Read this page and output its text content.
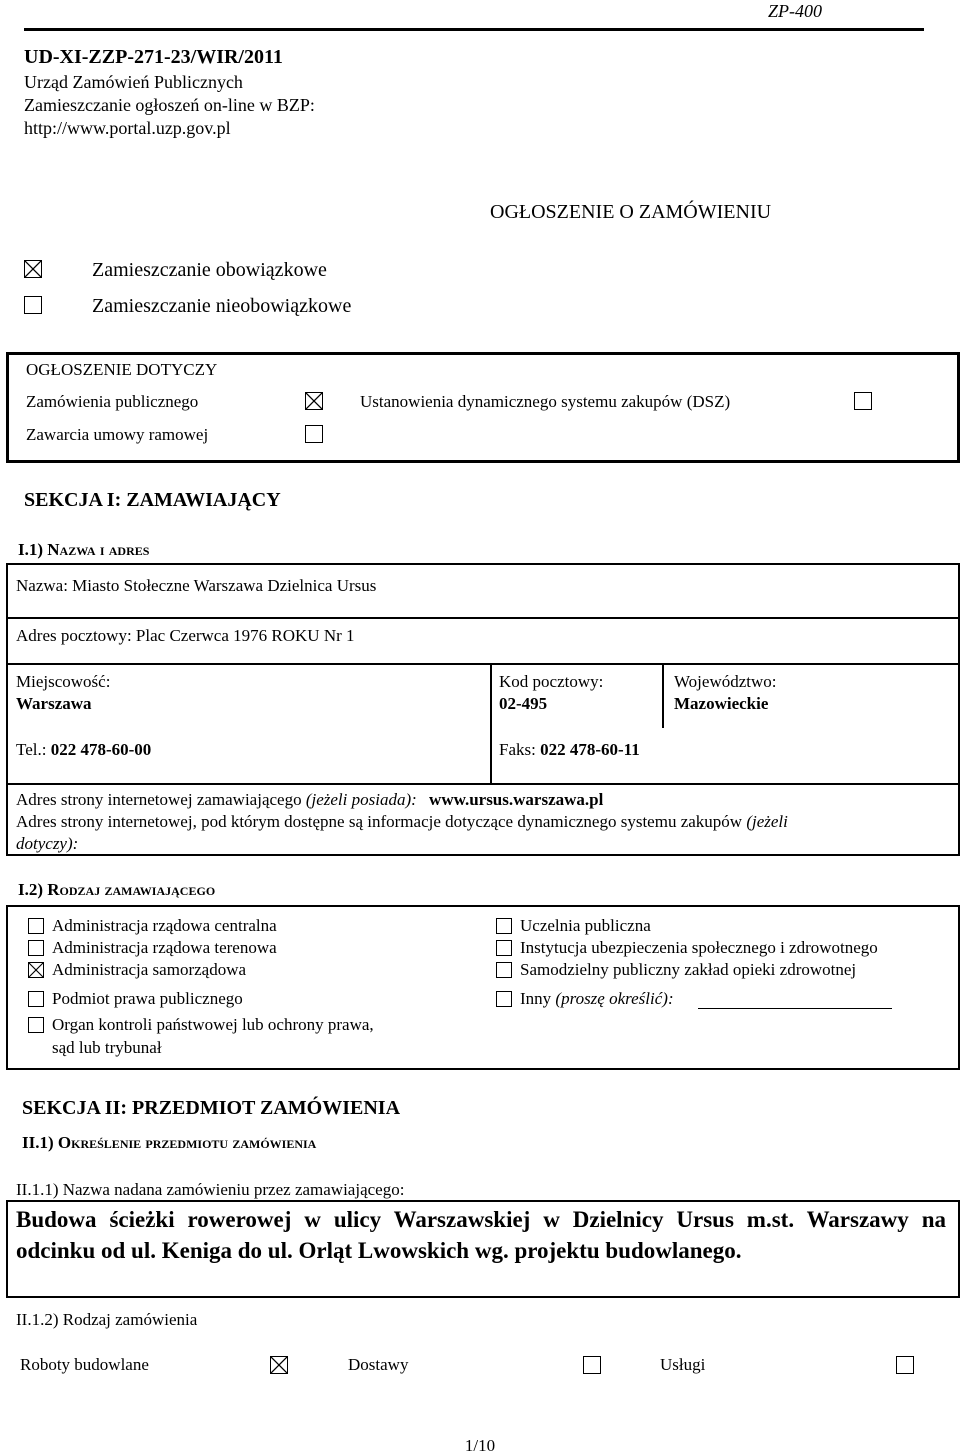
ZP-400
UD-XI-ZZP-271-23/WIR/2011
Urząd Zamówień Publicznych
Zamieszczanie ogłoszeń on-line w BZP:
http://www.portal.uzp.gov.pl
OGŁOSZENIE O ZAMÓWIENIU
Zamieszczanie obowiązkowe
Zamieszczanie nieobowiązkowe
OGŁOSZENIE DOTYCZY
Zamówienia publicznego	Ustanowienia dynamicznego systemu zakupów (DSZ)
Zawarcia umowy ramowej
SEKCJA I: ZAMAWIAJĄCY
I.1) Nazwa i adres
Nazwa: Miasto Stołeczne Warszawa Dzielnica Ursus
Adres pocztowy: Plac Czerwca 1976 ROKU Nr 1
Miejscowość:
Warszawa
Kod pocztowy:
02-495
Województwo:
Mazowieckie
Tel.: 022 478-60-00	Faks: 022 478-60-11
Adres strony internetowej zamawiającego (jeżeli posiada): www.ursus.warszawa.pl
Adres strony internetowej, pod którym dostępne są informacje dotyczące dynamicznego systemu zakupów (jeżeli
dotyczy):
I.2) Rodzaj zamawiającego
Administracja rządowa centralna
Administracja rządowa terenowa
Administracja samorządowa
Podmiot prawa publicznego
Organ kontroli państwowej lub ochrony prawa,
sąd lub trybunał
Uczelnia publiczna
Instytucja ubezpieczenia społecznego i zdrowotnego
Samodzielny publiczny zakład opieki zdrowotnej
Inny (proszę określić):
SEKCJA II: PRZEDMIOT ZAMÓWIENIA
II.1) Określenie przedmiotu zamówienia
II.1.1) Nazwa nadana zamówieniu przez zamawiającego:
Budowa ścieżki rowerowej w ulicy Warszawskiej w Dzielnicy Ursus m.st. Warszawy na odcinku od ul. Keniga do ul. Orląt Lwowskich wg. projektu budowlanego.
II.1.2) Rodzaj zamówienia
Roboty budowlane	Dostawy	Usługi
1/10
